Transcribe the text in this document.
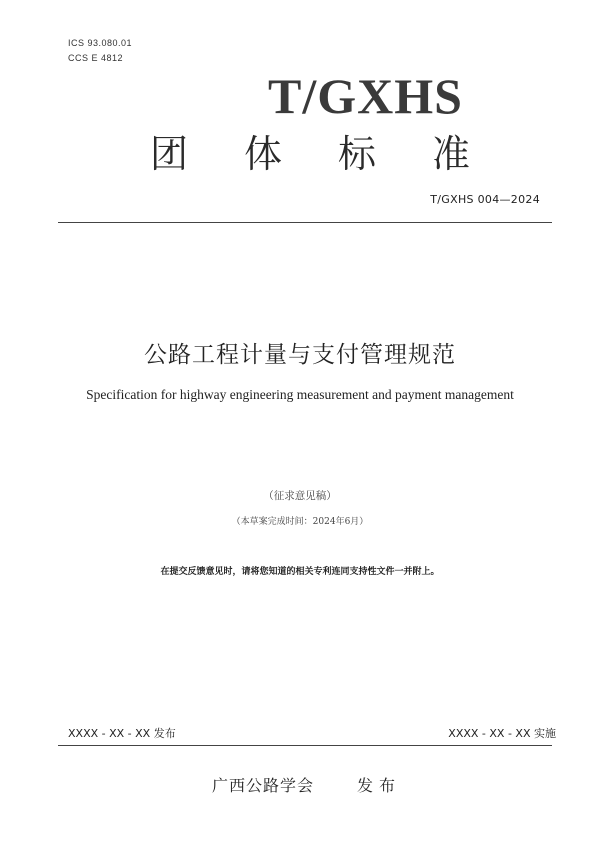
ICS 93.080.01
CCS E 4812
T/GXHS
团 体 标 准
T/GXHS 004—2024
公路工程计量与支付管理规范
Specification for highway engineering measurement and payment management
（征求意见稿）
（本草案完成时间：2024年6月）
在提交反馈意见时，请将您知道的相关专利连同支持性文件一并附上。
XXXX - XX - XX 发布	XXXX - XX - XX 实施
广西公路学会	发布
